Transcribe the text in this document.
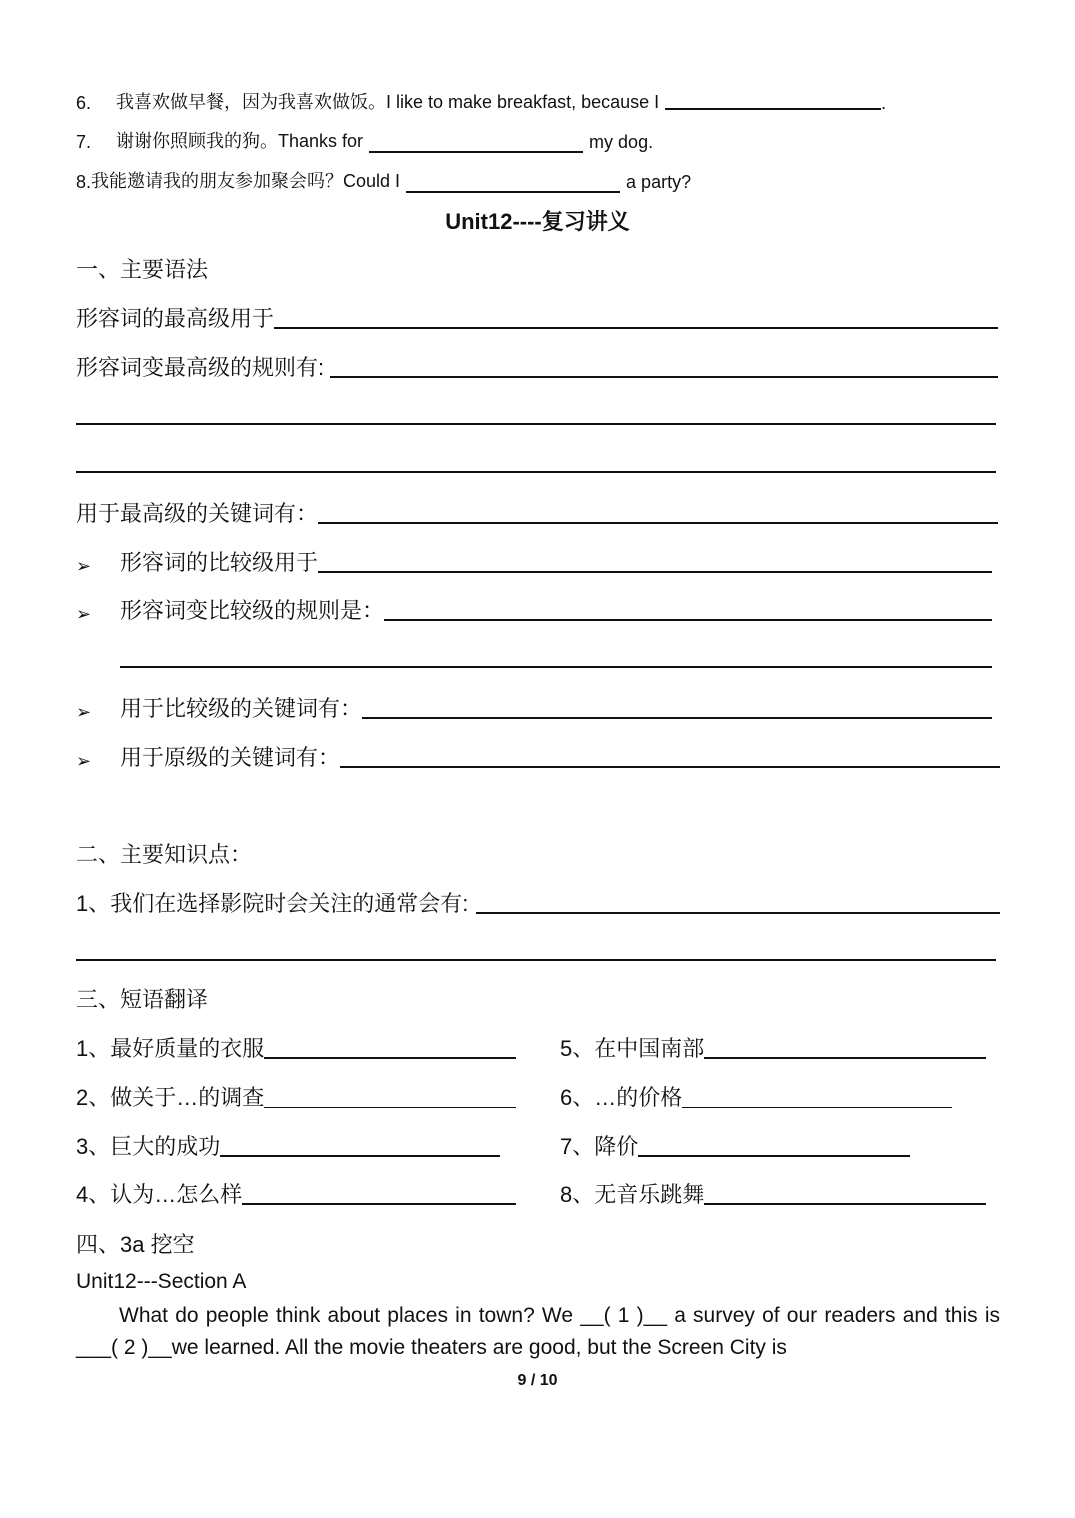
6.	我喜欢做早餐，因为我喜欢做饭。I like to make breakfast, because I	.
7.	谢谢你照顾我的狗。Thanks for	my dog.
8. 我能邀请我的朋友参加聚会吗？Could I	a party?
Unit12----复习讲义
一、主要语法
形容词的最高级用于
形容词变最高级的规则有:
用于最高级的关键词有：
➢	形容词的比较级用于
➢	形容词变比较级的规则是：
➢	用于比较级的关键词有：
➢	用于原级的关键词有：
二、主要知识点：
1、我们在选择影院时会关注的通常会有:
三、短语翻译
1、最好质量的衣服
2、做关于…的调查
3、巨大的成功
4、认为…怎么样
5、在中国南部
6、…的价格
7、降价
8、无音乐跳舞
四、3a 挖空
Unit12---Section A
What do people think about places in town? We __( 1 )__ a survey of our readers and this is ___( 2 )__we learned. All the movie theaters are good, but the Screen City is
9 / 10
